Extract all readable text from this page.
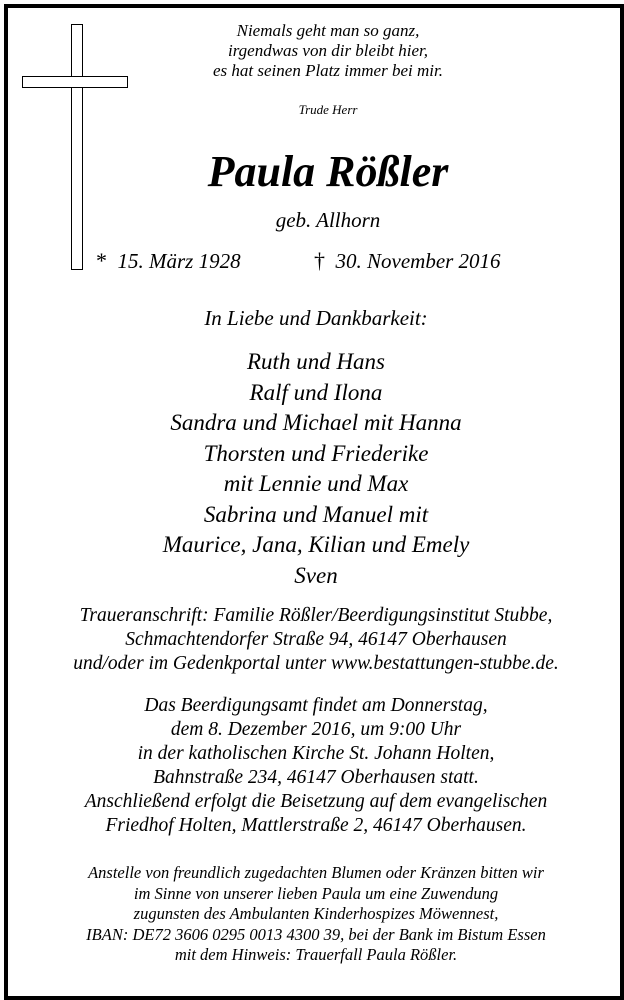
Niemals geht man so ganz,
irgendwas von dir bleibt hier,
es hat seinen Platz immer bei mir.
Trude Herr
Paula Rößler
geb. Allhorn
* 15. März 1928	† 30. November 2016
In Liebe und Dankbarkeit:
Ruth und Hans
Ralf und Ilona
Sandra und Michael mit Hanna
Thorsten und Friederike
mit Lennie und Max
Sabrina und Manuel mit
Maurice, Jana, Kilian und Emely
Sven
Traueranschrift: Familie Rößler/Beerdigungsinstitut Stubbe,
Schmachtendorfer Straße 94, 46147 Oberhausen
und/oder im Gedenkportal unter www.bestattungen-stubbe.de.
Das Beerdigungsamt findet am Donnerstag,
dem 8. Dezember 2016, um 9:00 Uhr
in der katholischen Kirche St. Johann Holten,
Bahnstraße 234, 46147 Oberhausen statt.
Anschließend erfolgt die Beisetzung auf dem evangelischen
Friedhof Holten, Mattlerstraße 2, 46147 Oberhausen.
Anstelle von freundlich zugedachten Blumen oder Kränzen bitten wir
im Sinne von unserer lieben Paula um eine Zuwendung
zugunsten des Ambulanten Kinderhospizes Möwennest,
IBAN: DE72 3606 0295 0013 4300 39, bei der Bank im Bistum Essen
mit dem Hinweis: Trauerfall Paula Rößler.
